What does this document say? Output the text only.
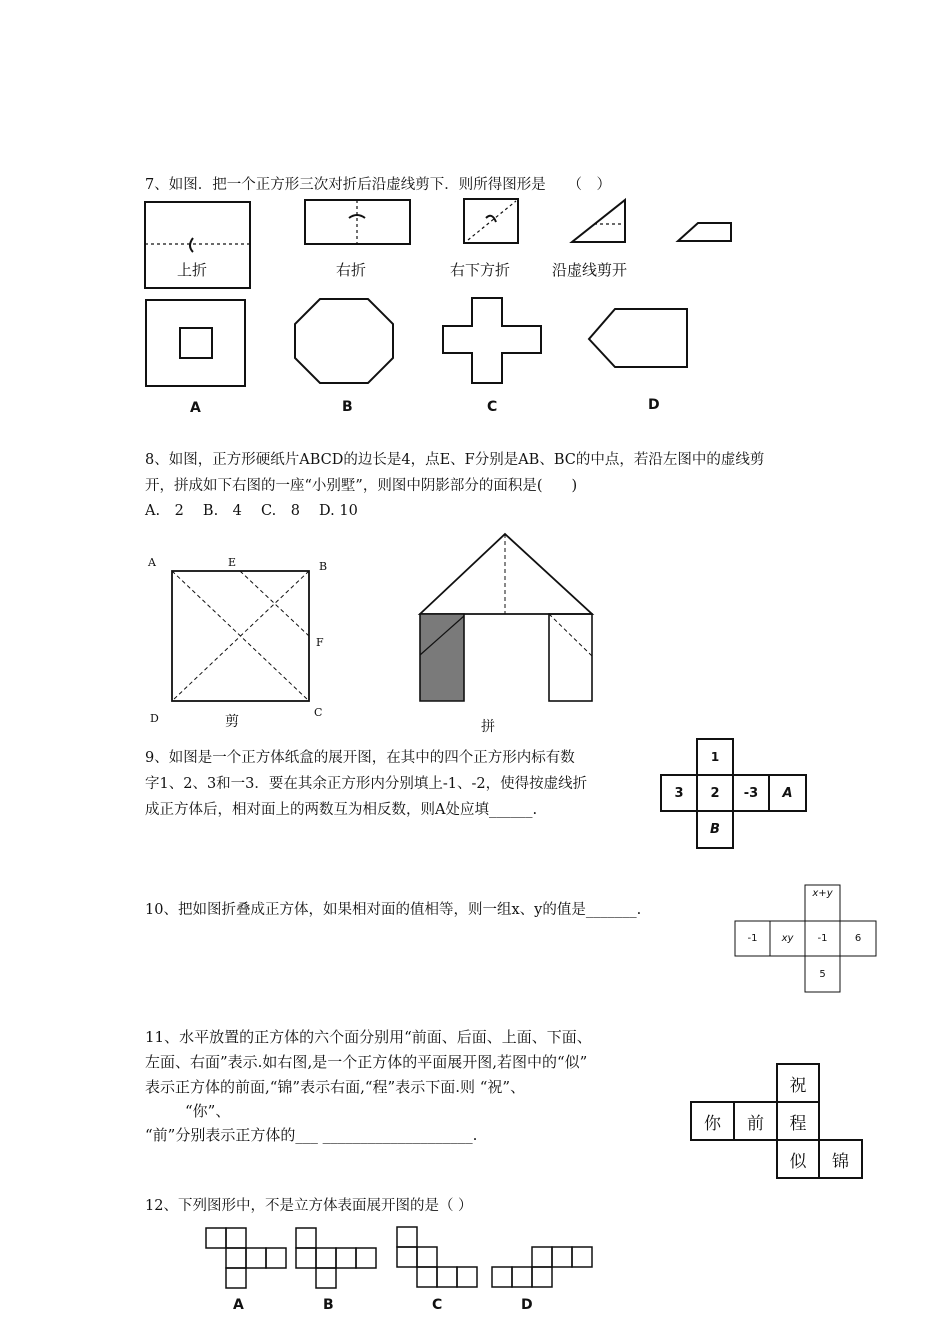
7、如图．把一个正方形三次对折后沿虚线剪下．则所得图形是　　（　）
上折	右折	右下方折	沿虚线剪开
A	B	C	D
8、如图，正方形硬纸片ABCD的边长是4，点E、F分别是AB、BC的中点，若沿左图中的虚线剪
开，拼成如下右图的一座“小别墅”，则图中阴影部分的面积是(　　)
A.　2　 B.　4　 C.　8　 D. 10
A	E	B
F
D	C
剪	拼
9、如图是一个正方体纸盒的展开图，在其中的四个正方形内标有数
字1、2、3和一3．要在其余正方形内分别填上-1、-2，使得按虚线折
成正方体后，相对面上的两数互为相反数，则A处应填______.
1
3	2	-3	A
B
10、把如图折叠成正方体，如果相对面的值相等，则一组x、y的值是_______.
x+y
-1	xy	-1	6
5
11、水平放置的正方体的六个面分别用“前面、后面、上面、下面、
左面、右面”表示.如右图,是一个正方体的平面展开图,若图中的“似”
表示正方体的前面,“锦”表示右面,“程”表示下面.则 “祝”、
“你”、
“前”分别表示正方体的___ ____________________.
祝
你	前	程
似	锦
12、下列图形中，不是立方体表面展开图的是（ ）
A	B	C	D
